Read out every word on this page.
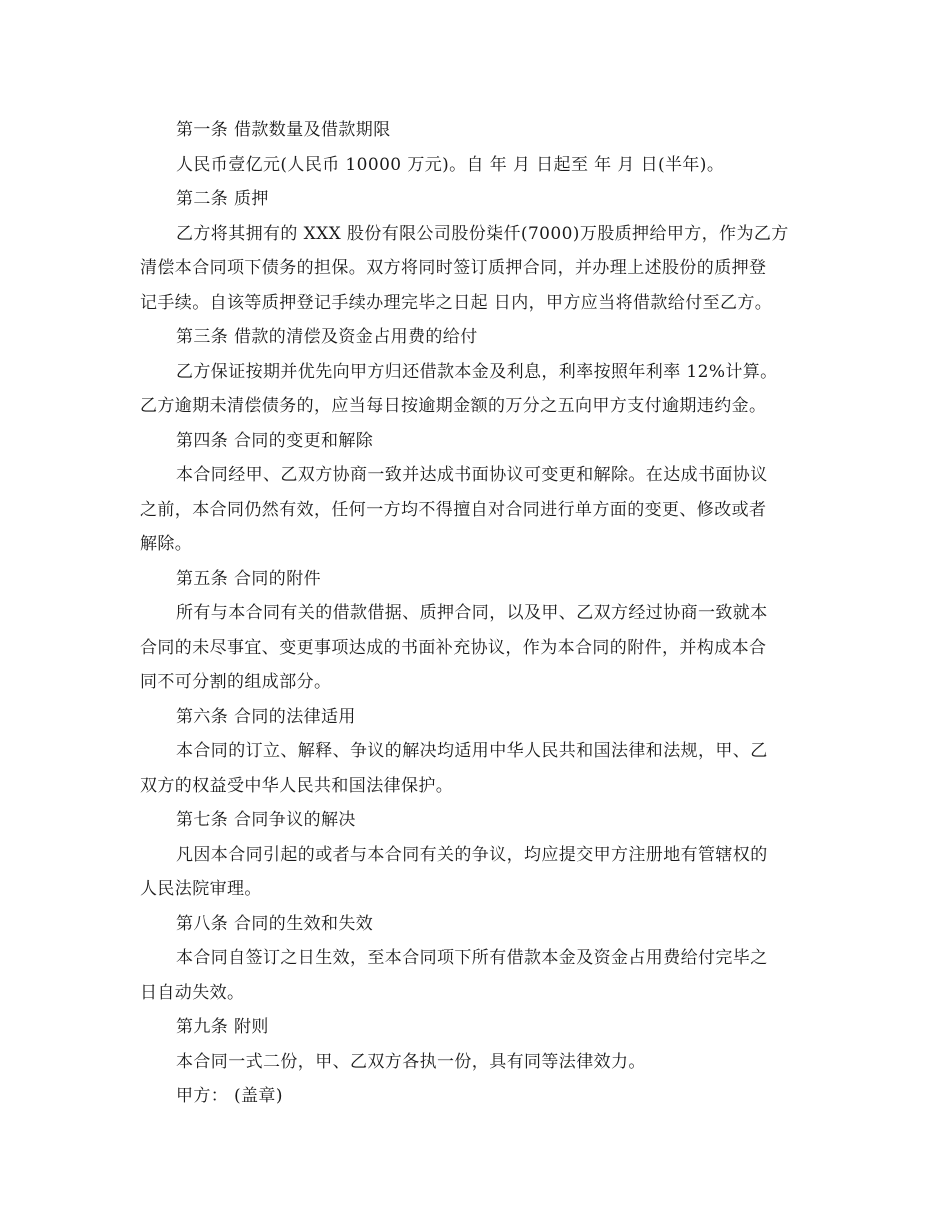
第一条 借款数量及借款期限

人民币壹亿元(人民币 10000 万元)。自 年 月 日起至 年 月 日(半年)。

第二条 质押

乙方将其拥有的 XXX 股份有限公司股份柒仟(7000)万股质押给甲方，作为乙方

清偿本合同项下债务的担保。双方将同时签订质押合同，并办理上述股份的质押登

记手续。自该等质押登记手续办理完毕之日起 日内，甲方应当将借款给付至乙方。

第三条 借款的清偿及资金占用费的给付

乙方保证按期并优先向甲方归还借款本金及利息，利率按照年利率 12%计算。

乙方逾期未清偿债务的，应当每日按逾期金额的万分之五向甲方支付逾期违约金。

第四条 合同的变更和解除

本合同经甲、乙双方协商一致并达成书面协议可变更和解除。在达成书面协议

之前，本合同仍然有效，任何一方均不得擅自对合同进行单方面的变更、修改或者

解除。

第五条 合同的附件

所有与本合同有关的借款借据、质押合同，以及甲、乙双方经过协商一致就本

合同的未尽事宜、变更事项达成的书面补充协议，作为本合同的附件，并构成本合

同不可分割的组成部分。

第六条 合同的法律适用

本合同的订立、解释、争议的解决均适用中华人民共和国法律和法规，甲、乙

双方的权益受中华人民共和国法律保护。

第七条 合同争议的解决

凡因本合同引起的或者与本合同有关的争议，均应提交甲方注册地有管辖权的

人民法院审理。

第八条 合同的生效和失效

本合同自签订之日生效，至本合同项下所有借款本金及资金占用费给付完毕之

日自动失效。

第九条 附则

本合同一式二份，甲、乙双方各执一份，具有同等法律效力。

甲方： (盖章)
